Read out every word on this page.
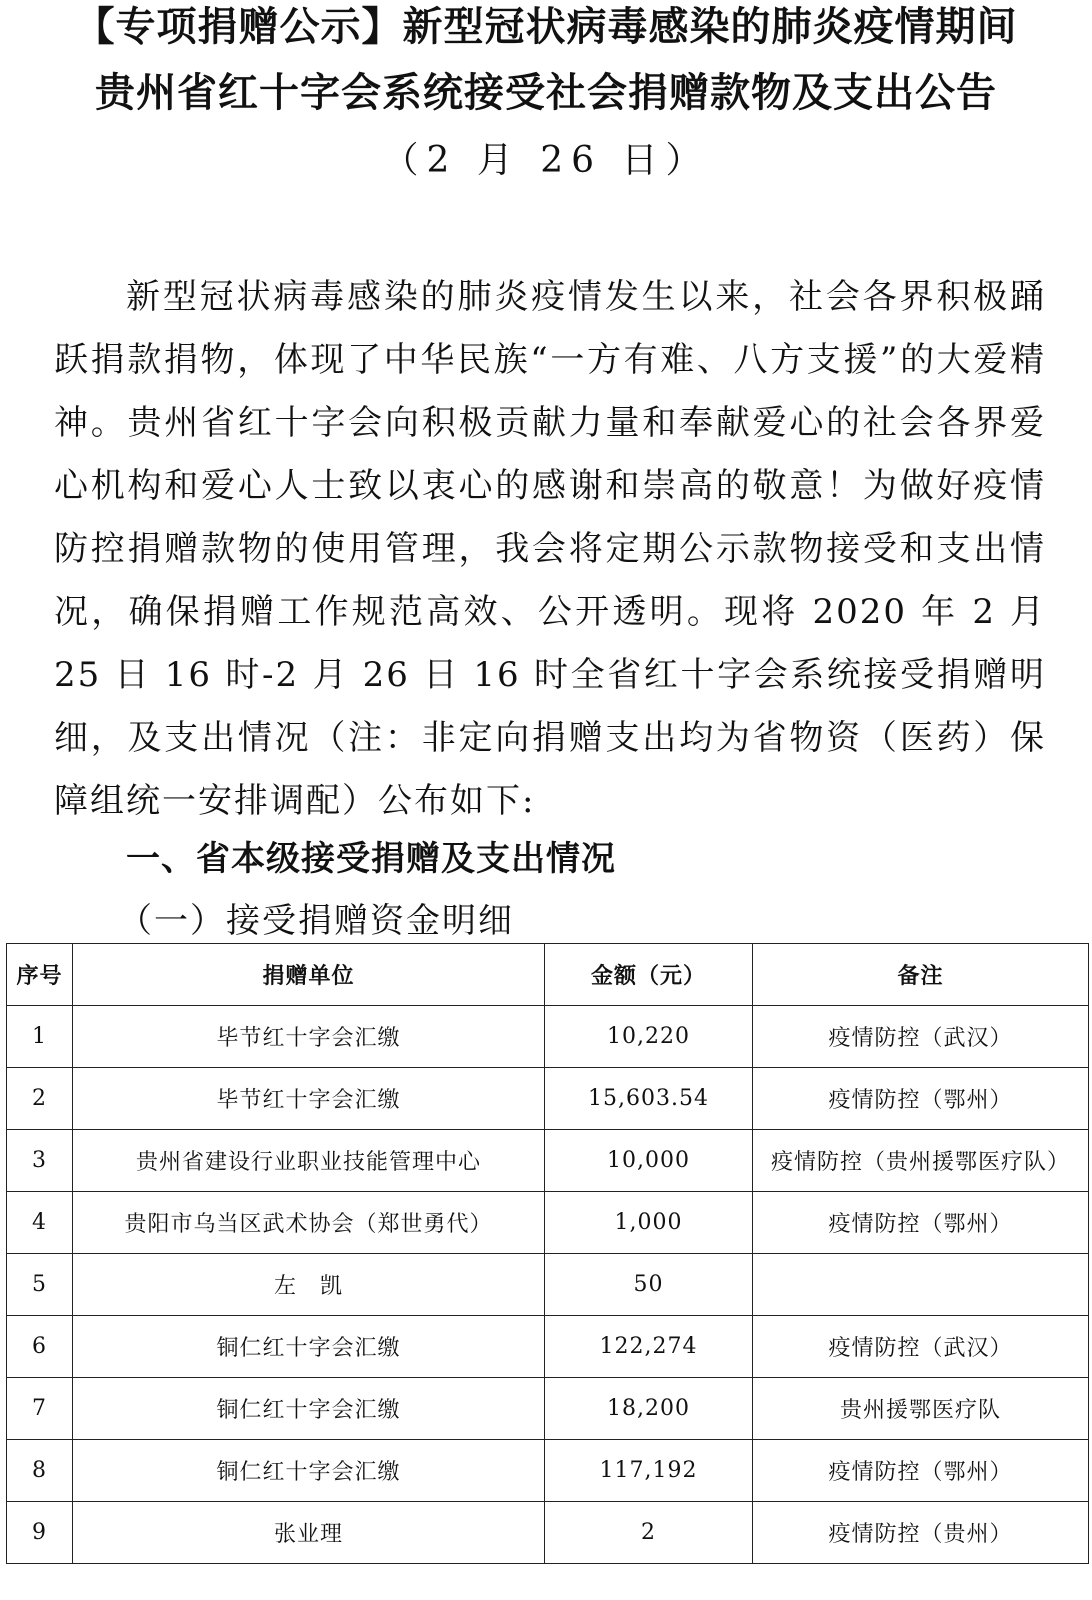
【专项捐赠公示】新型冠状病毒感染的肺炎疫情期间
贵州省红十字会系统接受社会捐赠款物及支出公告
（2 月 26 日）
新型冠状病毒感染的肺炎疫情发生以来，社会各界积极踊跃捐款捐物，体现了中华民族“一方有难、八方支援”的大爱精神。贵州省红十字会向积极贡献力量和奉献爱心的社会各界爱心机构和爱心人士致以衷心的感谢和崇高的敬意！为做好疫情防控捐赠款物的使用管理，我会将定期公示款物接受和支出情况，确保捐赠工作规范高效、公开透明。现将 2020 年 2 月 25 日 16 时-2 月 26 日 16 时全省红十字会系统接受捐赠明细，及支出情况（注：非定向捐赠支出均为省物资（医药）保障组统一安排调配）公布如下:
一、省本级接受捐赠及支出情况
（一）接受捐赠资金明细
序号	捐赠单位	金额（元）	备注
1	毕节红十字会汇缴	10,220	疫情防控（武汉）
2	毕节红十字会汇缴	15,603.54	疫情防控（鄂州）
3	贵州省建设行业职业技能管理中心	10,000	疫情防控（贵州援鄂医疗队）
4	贵阳市乌当区武术协会（郑世勇代）	1,000	疫情防控（鄂州）
5	左　凯	50	
6	铜仁红十字会汇缴	122,274	疫情防控（武汉）
7	铜仁红十字会汇缴	18,200	贵州援鄂医疗队
8	铜仁红十字会汇缴	117,192	疫情防控（鄂州）
9	张业理	2	疫情防控（贵州）
